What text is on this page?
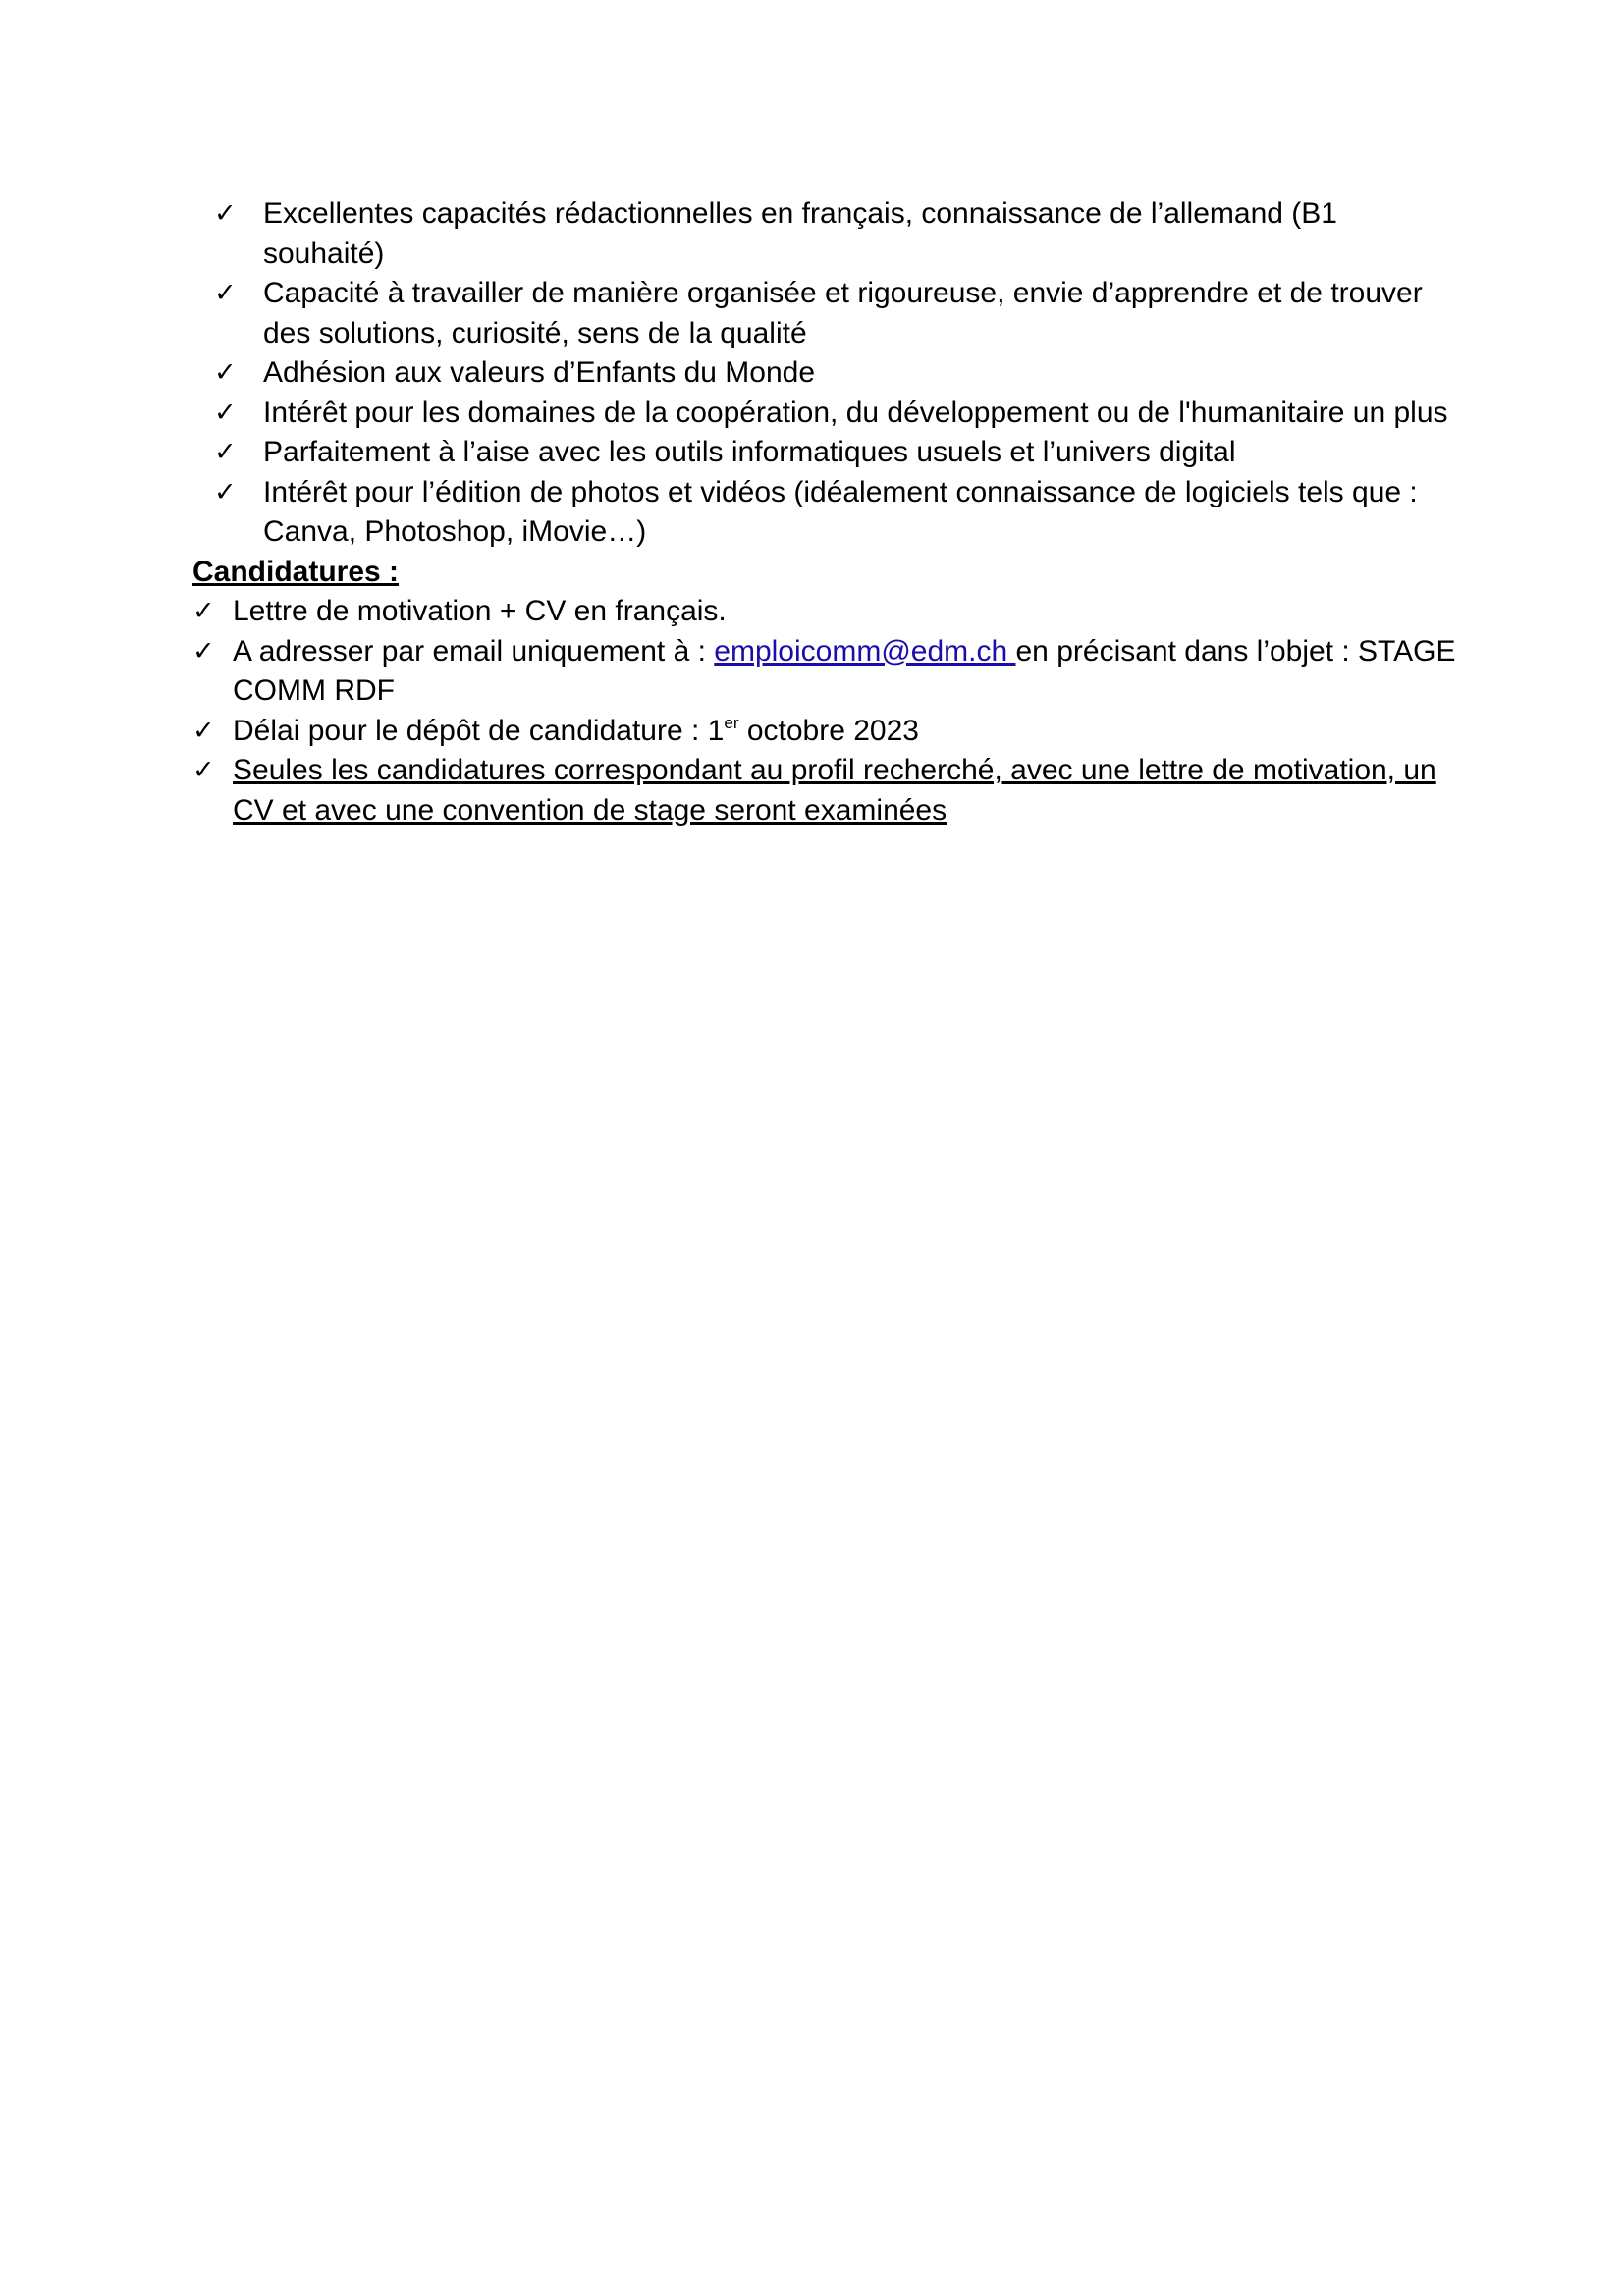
✓ Excellentes capacités rédactionnelles en français, connaissance de l’allemand (B1 souhaité)
✓ Capacité à travailler de manière organisée et rigoureuse, envie d’apprendre et de trouver des solutions, curiosité, sens de la qualité
✓ Adhésion aux valeurs d’Enfants du Monde
✓ Intérêt pour les domaines de la coopération, du développement ou de l'humanitaire un plus
✓ Parfaitement à l’aise avec les outils informatiques usuels et l’univers digital
✓ Intérêt pour l’édition de photos et vidéos (idéalement connaissance de logiciels tels que : Canva, Photoshop, iMovie…)
Candidatures :
✓ Lettre de motivation + CV en français.
✓ A adresser par email uniquement à : emploicomm@edm.ch en précisant dans l’objet : STAGE COMM RDF
✓ Délai pour le dépôt de candidature : 1er octobre 2023
✓ Seules les candidatures correspondant au profil recherché, avec une lettre de motivation, un CV et avec une convention de stage seront examinées
